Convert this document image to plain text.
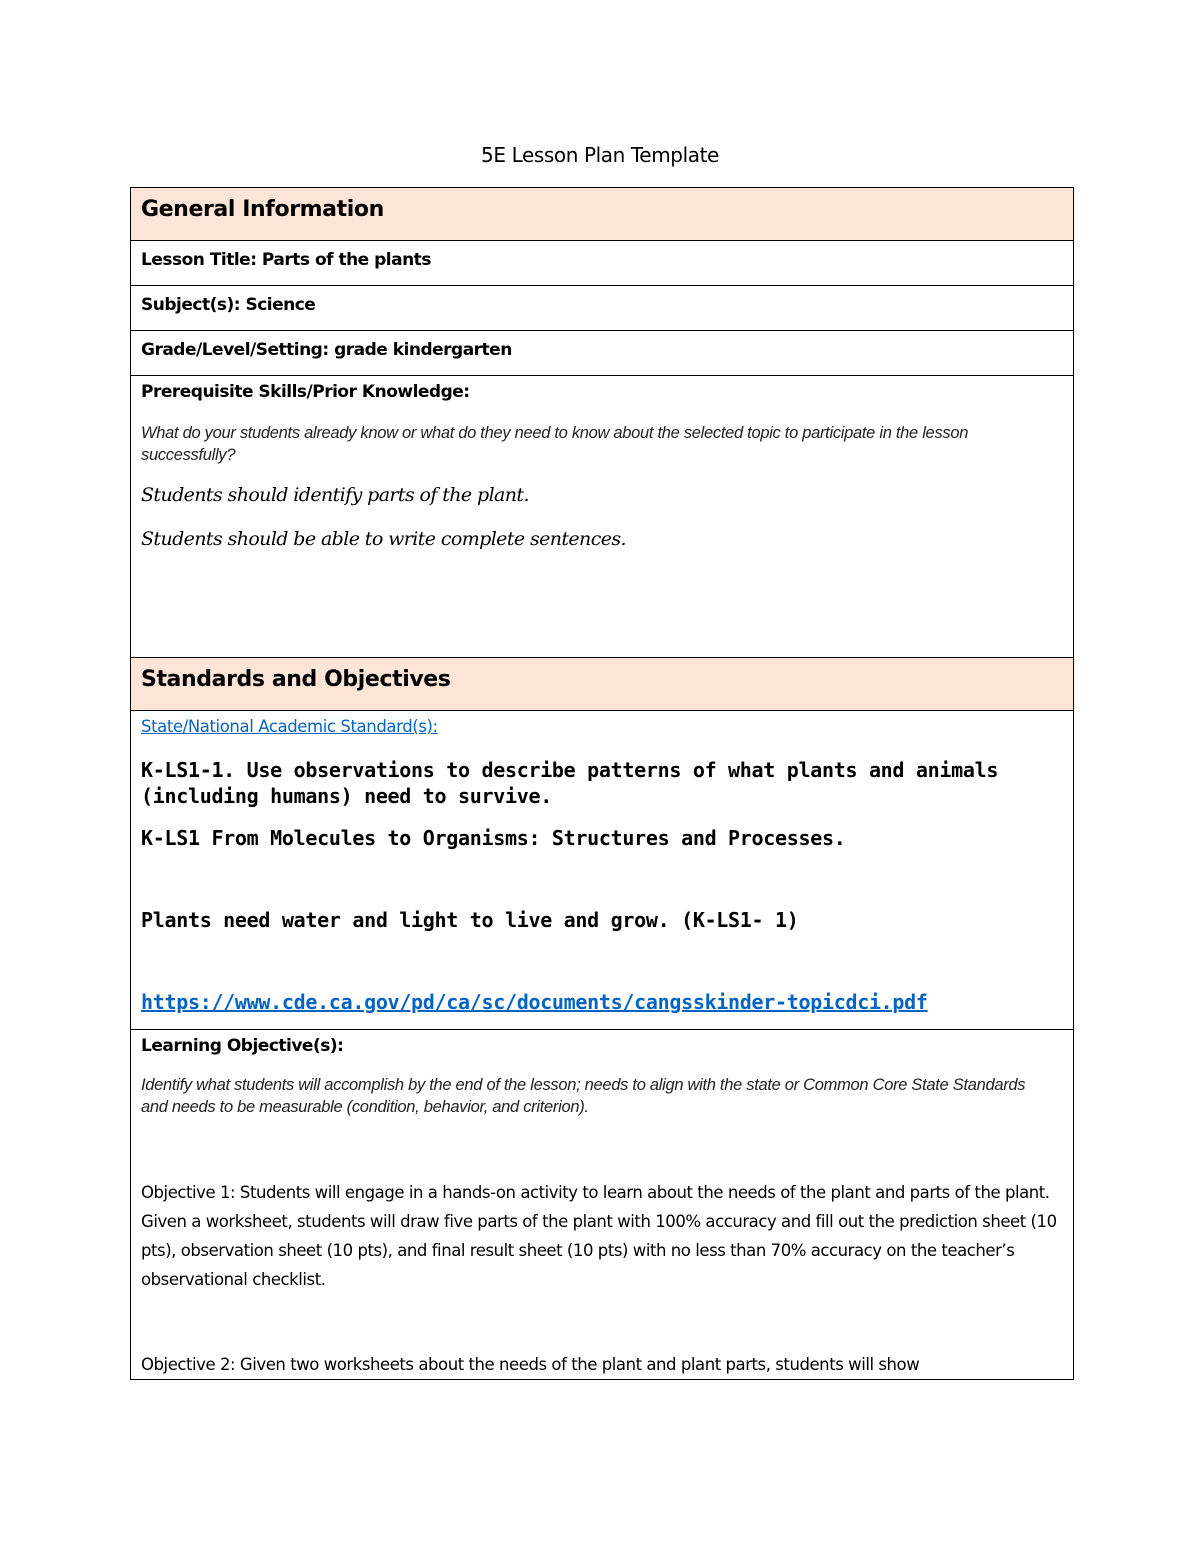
5E Lesson Plan Template
General Information
Lesson Title: Parts of the plants
Subject(s): Science
Grade/Level/Setting: grade kindergarten
Prerequisite Skills/Prior Knowledge:
What do your students already know or what do they need to know about the selected topic to participate in the lesson successfully?
Students should identify parts of the plant.
Students should be able to write complete sentences.
Standards and Objectives
State/National Academic Standard(s):
K-LS1-1. Use observations to describe patterns of what plants and animals (including humans) need to survive.
K-LS1 From Molecules to Organisms: Structures and Processes.
Plants need water and light to live and grow. (K-LS1- 1)
https://www.cde.ca.gov/pd/ca/sc/documents/cangsskinder-topicdci.pdf
Learning Objective(s):
Identify what students will accomplish by the end of the lesson; needs to align with the state or Common Core State Standards and needs to be measurable (condition, behavior, and criterion).
Objective 1: Students will engage in a hands-on activity to learn about the needs of the plant and parts of the plant. Given a worksheet, students will draw five parts of the plant with 100% accuracy and fill out the prediction sheet (10 pts), observation sheet (10 pts), and final result sheet (10 pts) with no less than 70% accuracy on the teacher’s observational checklist.
Objective 2: Given two worksheets about the needs of the plant and plant parts, students will show
